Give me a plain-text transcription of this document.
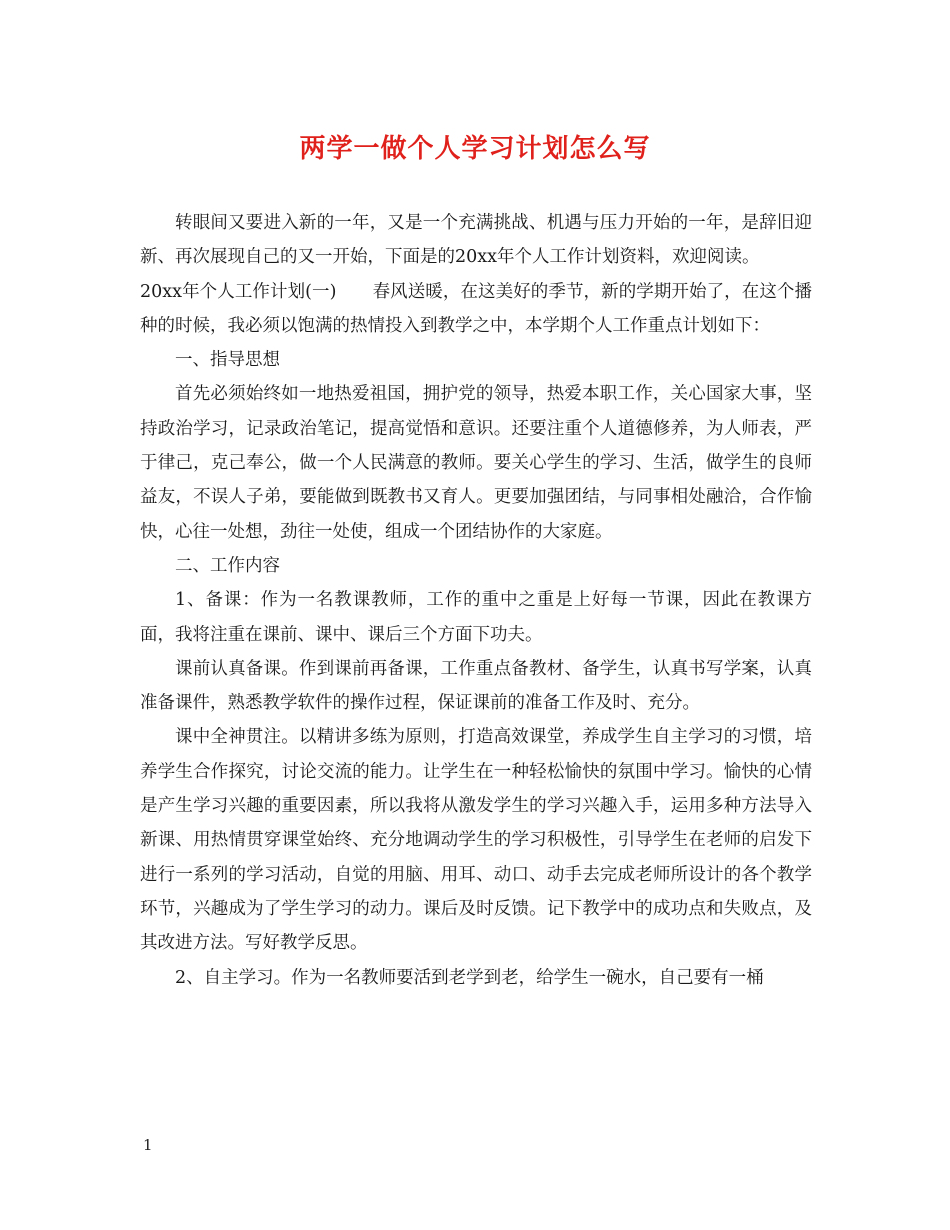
两学一做个人学习计划怎么写

转眼间又要进入新的一年，又是一个充满挑战、机遇与压力开始的一年，是辞旧迎新、再次展现自己的又一开始，下面是的20xx年个人工作计划资料，欢迎阅读。

20xx年个人工作计划(一) 春风送暖，在这美好的季节，新的学期开始了，在这个播种的时候，我必须以饱满的热情投入到教学之中，本学期个人工作重点计划如下：

一、指导思想

首先必须始终如一地热爱祖国，拥护党的领导，热爱本职工作，关心国家大事，坚持政治学习，记录政治笔记，提高觉悟和意识。还要注重个人道德修养，为人师表，严于律己，克己奉公，做一个人民满意的教师。要关心学生的学习、生活，做学生的良师益友，不误人子弟，要能做到既教书又育人。更要加强团结，与同事相处融洽，合作愉快，心往一处想，劲往一处使，组成一个团结协作的大家庭。

二、工作内容

1、备课：作为一名教课教师，工作的重中之重是上好每一节课，因此在教课方面，我将注重在课前、课中、课后三个方面下功夫。

课前认真备课。作到课前再备课，工作重点备教材、备学生，认真书写学案，认真准备课件，熟悉教学软件的操作过程，保证课前的准备工作及时、充分。

课中全神贯注。以精讲多练为原则，打造高效课堂，养成学生自主学习的习惯，培养学生合作探究，讨论交流的能力。让学生在一种轻松愉快的氛围中学习。愉快的心情是产生学习兴趣的重要因素，所以我将从激发学生的学习兴趣入手，运用多种方法导入新课、用热情贯穿课堂始终、充分地调动学生的学习积极性，引导学生在老师的启发下进行一系列的学习活动，自觉的用脑、用耳、动口、动手去完成老师所设计的各个教学环节，兴趣成为了学生学习的动力。课后及时反馈。记下教学中的成功点和失败点，及其改进方法。写好教学反思。

2、自主学习。作为一名教师要活到老学到老，给学生一碗水，自己要有一桶

1
